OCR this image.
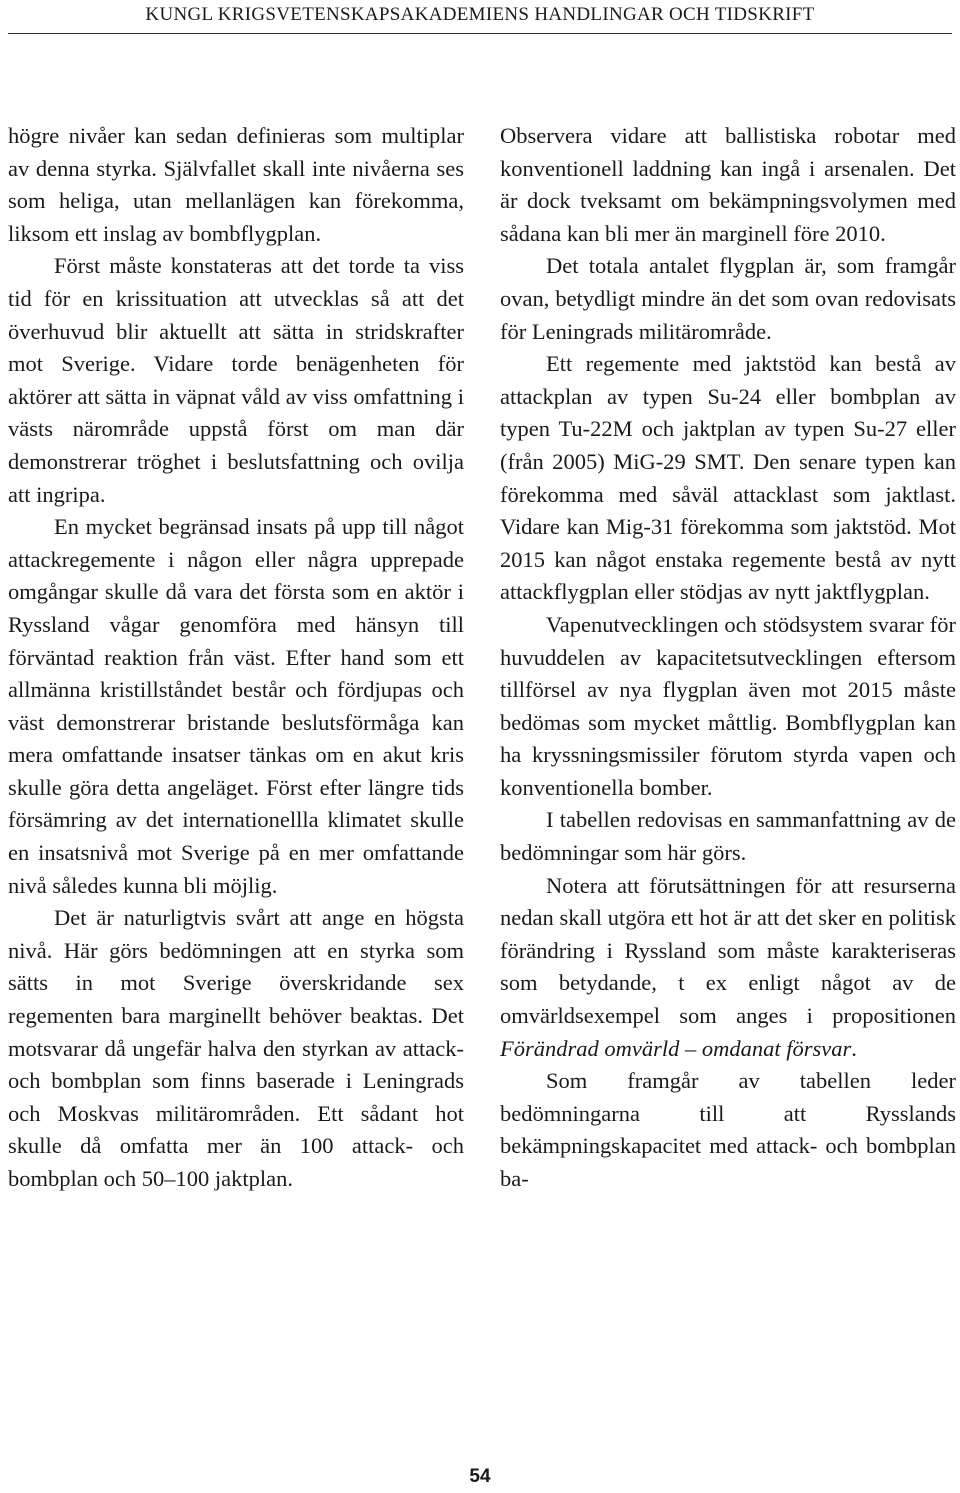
KUNGL KRIGSVETENSKAPSAKADEMIENS HANDLINGAR OCH TIDSKRIFT

högre nivåer kan sedan definieras som multiplar av denna styrka. Självfallet skall inte nivåerna ses som heliga, utan mellanlägen kan förekomma, liksom ett inslag av bombflygplan.

Först måste konstateras att det torde ta viss tid för en krissituation att utvecklas så att det överhuvud blir aktuellt att sätta in stridskrafter mot Sverige. Vidare torde benägenheten för aktörer att sätta in väpnat våld av viss omfattning i västs närområde uppstå först om man där demonstrerar tröghet i beslutsfattning och ovilja att ingripa.

En mycket begränsad insats på upp till något attackregemente i någon eller några upprepade omgångar skulle då vara det första som en aktör i Ryssland vågar genomföra med hänsyn till förväntad reaktion från väst. Efter hand som ett allmänna kristillståndet består och fördjupas och väst demonstrerar bristande beslutsförmåga kan mera omfattande insatser tänkas om en akut kris skulle göra detta angeläget. Först efter längre tids försämring av det internationellla klimatet skulle en insatsnivå mot Sverige på en mer omfattande nivå således kunna bli möjlig.

Det är naturligtvis svårt att ange en högsta nivå. Här görs bedömningen att en styrka som sätts in mot Sverige överskridande sex regementen bara marginellt behöver beaktas. Det motsvarar då ungefär halva den styrkan av attack- och bombplan som finns baserade i Leningrads och Moskvas militärområden. Ett sådant hot skulle då omfatta mer än 100 attack- och bombplan och 50–100 jaktplan.

Observera vidare att ballistiska robotar med konventionell laddning kan ingå i arsenalen. Det är dock tveksamt om bekämpningsvolymen med sådana kan bli mer än marginell före 2010.

Det totala antalet flygplan är, som framgår ovan, betydligt mindre än det som ovan redovisats för Leningrads militärområde.

Ett regemente med jaktstöd kan bestå av attackplan av typen Su-24 eller bombplan av typen Tu-22M och jaktplan av typen Su-27 eller (från 2005) MiG-29 SMT. Den senare typen kan förekomma med såväl attacklast som jaktlast. Vidare kan Mig-31 förekomma som jaktstöd. Mot 2015 kan något enstaka regemente bestå av nytt attackflygplan eller stödjas av nytt jaktflygplan.

Vapenutvecklingen och stödsystem svarar för huvuddelen av kapacitetsutvecklingen eftersom tillförsel av nya flygplan även mot 2015 måste bedömas som mycket måttlig. Bombflygplan kan ha kryssningsmissiler förutom styrda vapen och konventionella bomber.

I tabellen redovisas en sammanfattning av de bedömningar som här görs.

Notera att förutsättningen för att resurserna nedan skall utgöra ett hot är att det sker en politisk förändring i Ryssland som måste karakteriseras som betydande, t ex enligt något av de omvärldsexempel som anges i propositionen Förändrad omvärld – omdanat försvar.

Som framgår av tabellen leder bedömningarna till att Rysslands bekämpningskapacitet med attack- och bombplan ba-

54
